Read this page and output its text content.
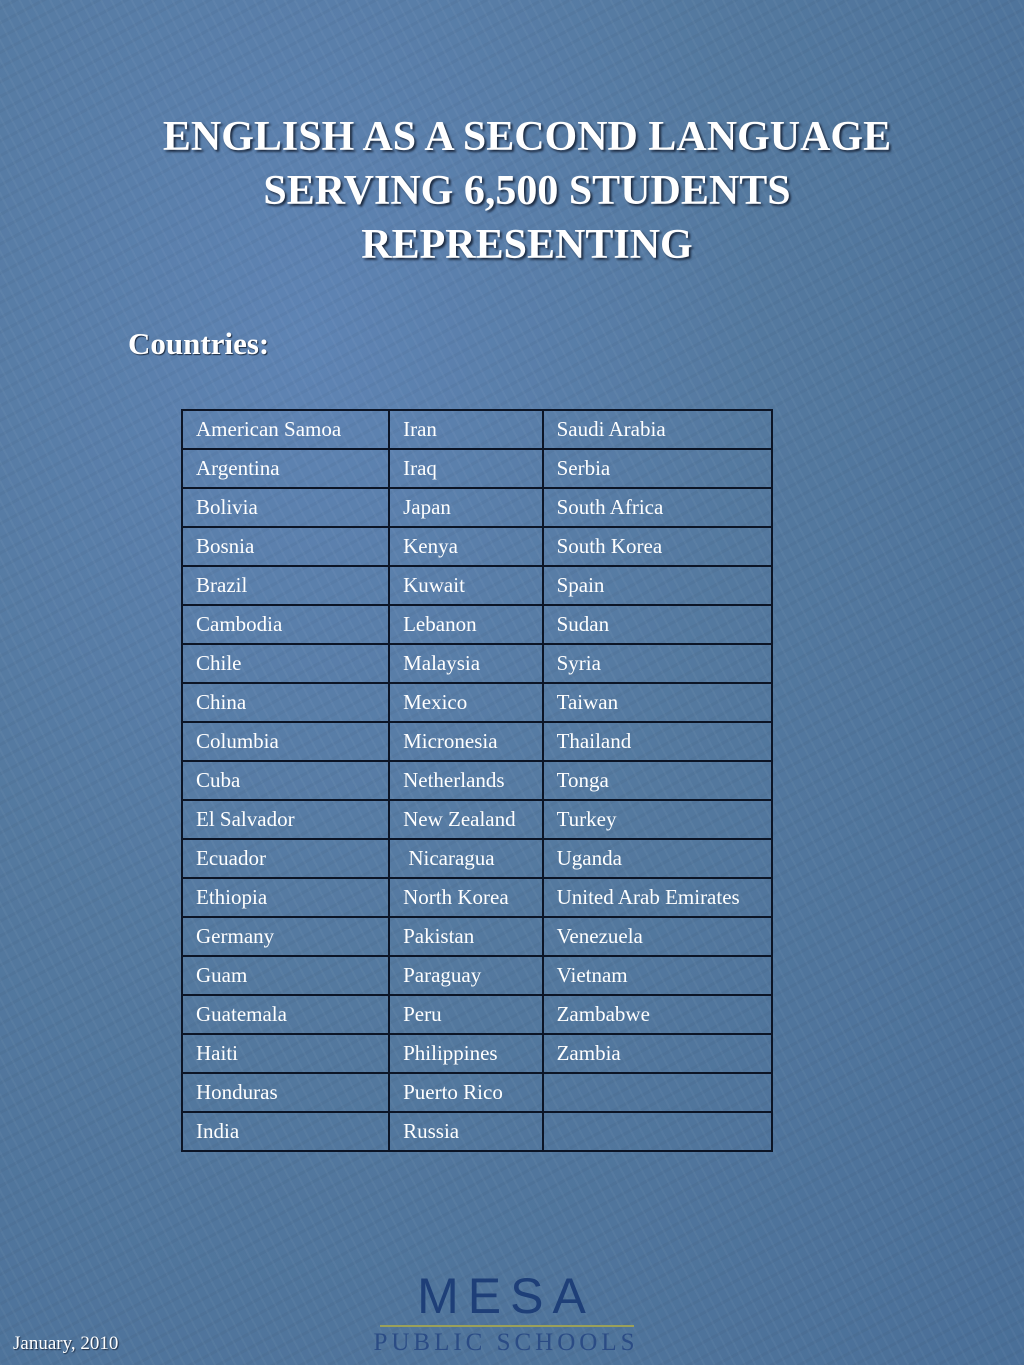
ENGLISH AS A SECOND LANGUAGE
SERVING 6,500 STUDENTS
REPRESENTING
Countries:
American Samoa	Iran	Saudi Arabia
Argentina	Iraq	Serbia
Bolivia	Japan	South Africa
Bosnia	Kenya	South Korea
Brazil	Kuwait	Spain
Cambodia	Lebanon	Sudan
Chile	Malaysia	Syria
China	Mexico	Taiwan
Columbia	Micronesia	Thailand
Cuba	Netherlands	Tonga
El Salvador	New Zealand	Turkey
Ecuador	Nicaragua	Uganda
Ethiopia	North Korea	United Arab Emirates
Germany	Pakistan	Venezuela
Guam	Paraguay	Vietnam
Guatemala	Peru	Zambabwe
Haiti	Philippines	Zambia
Honduras	Puerto Rico	
India	Russia	
January, 2010
MESA
PUBLIC SCHOOLS
